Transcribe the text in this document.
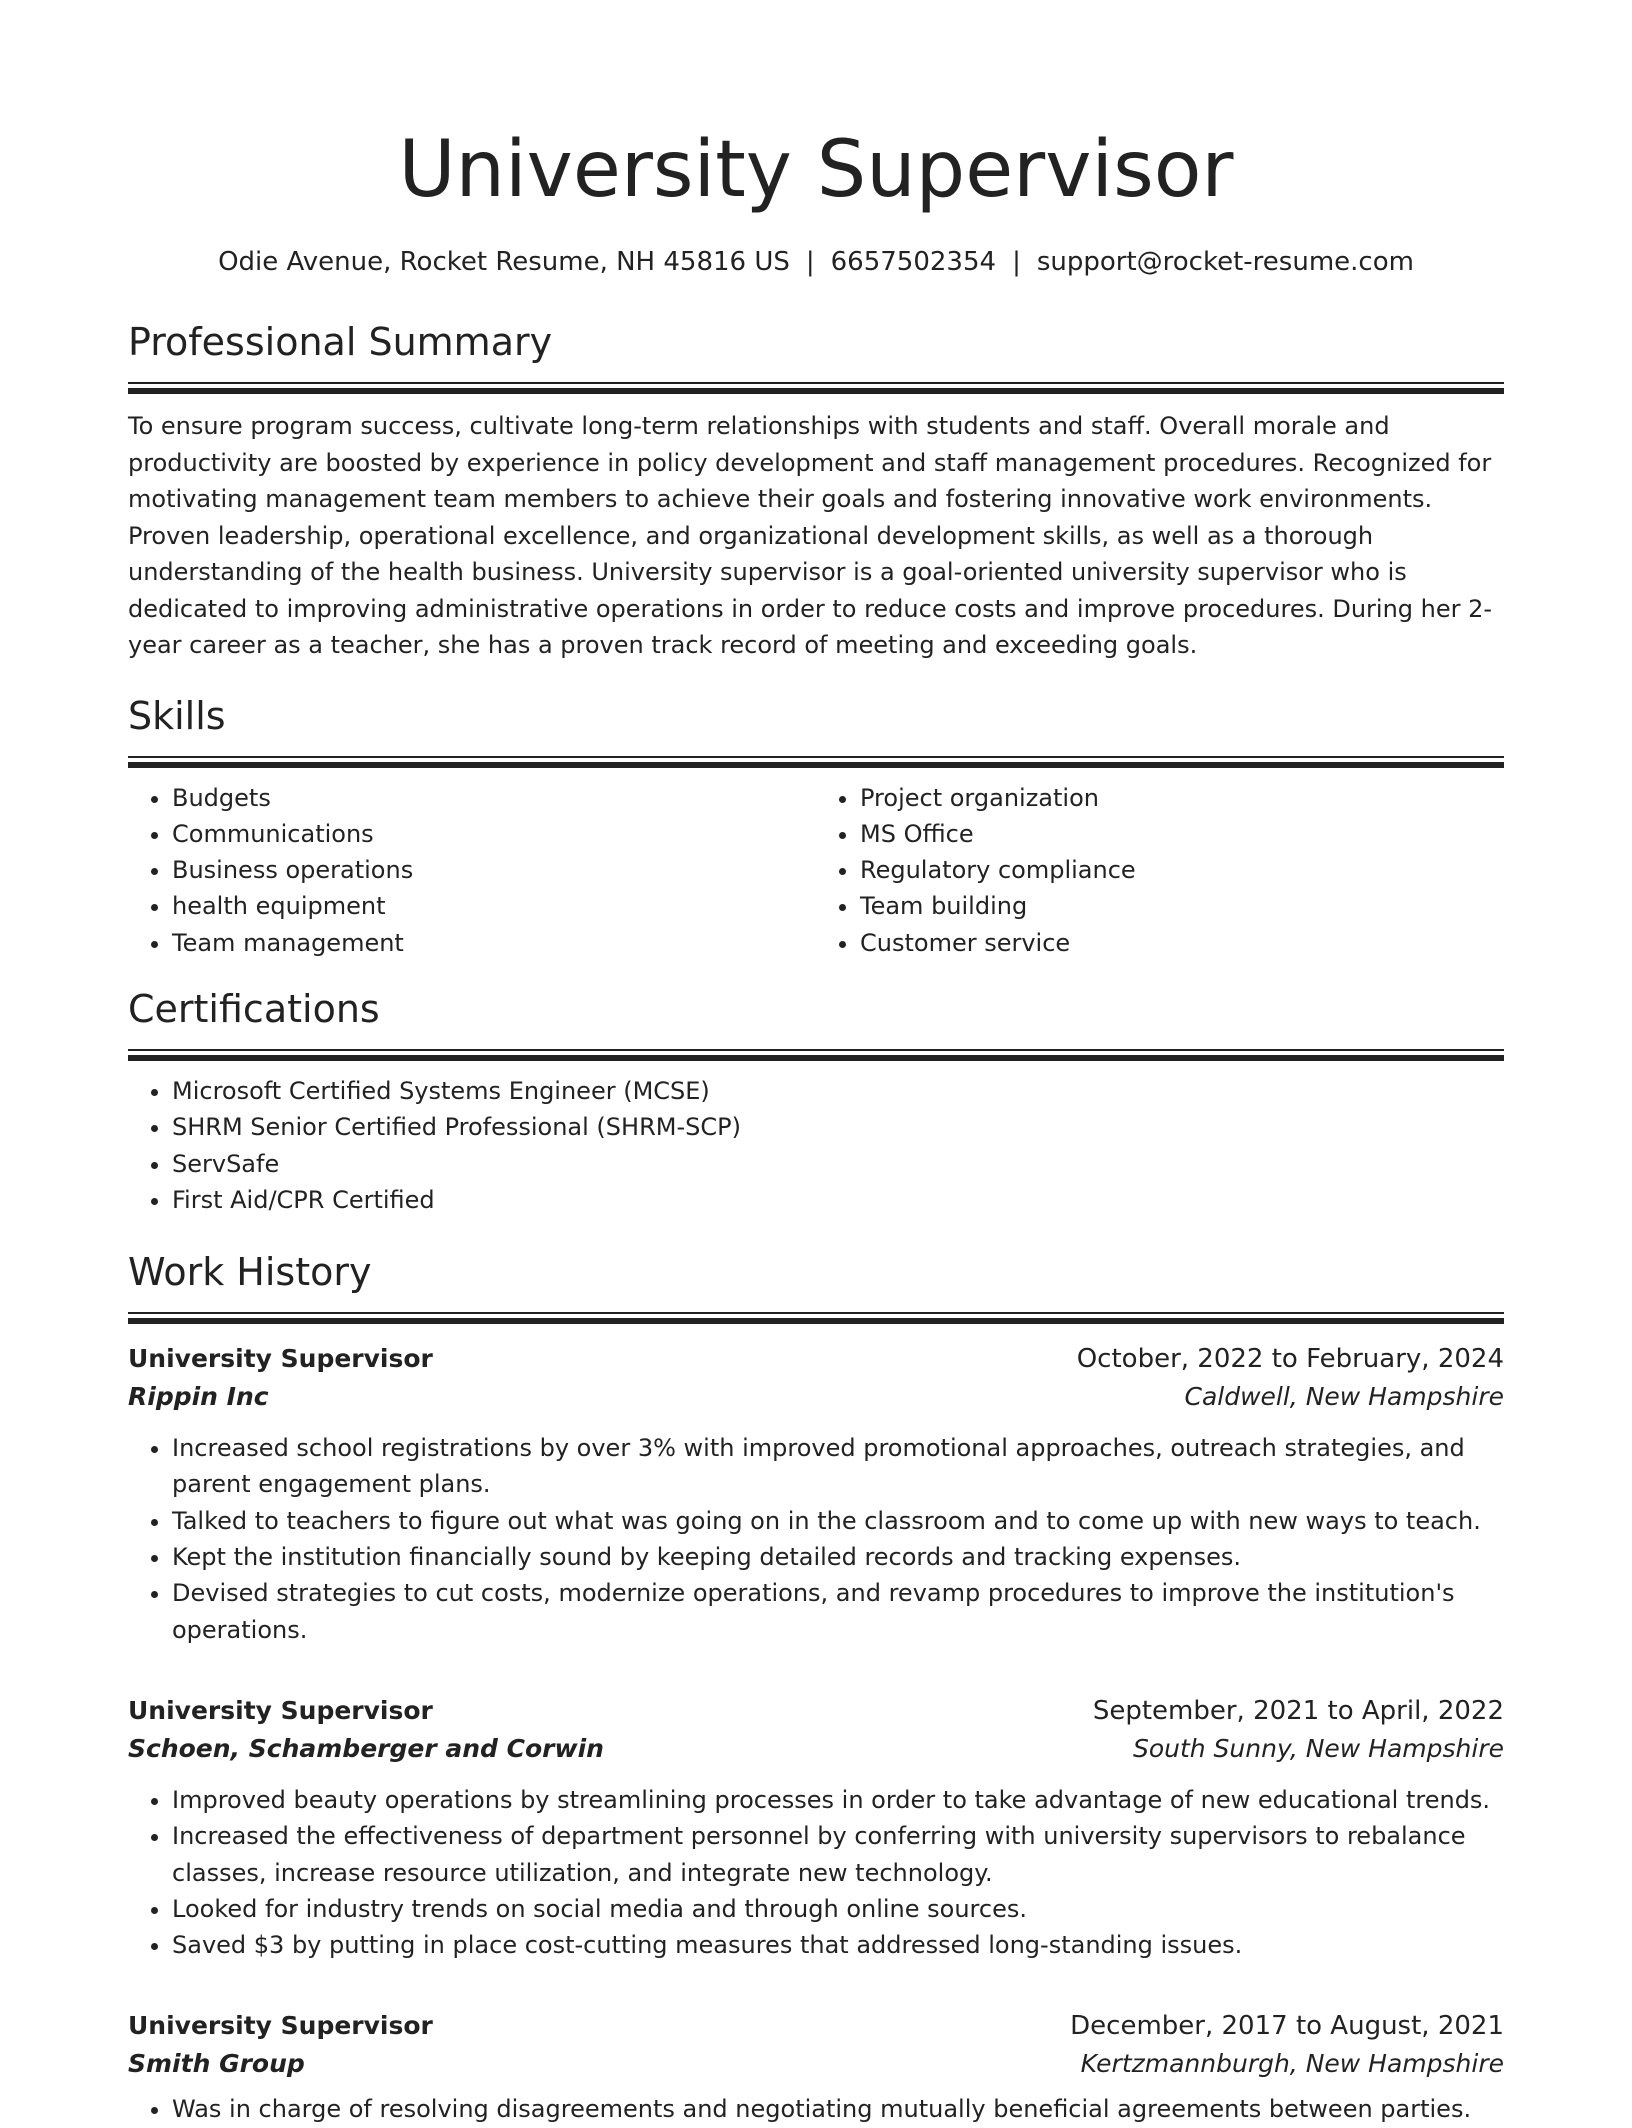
University Supervisor
Odie Avenue, Rocket Resume, NH 45816 US | 6657502354 | support@rocket-resume.com
Professional Summary

To ensure program success, cultivate long-term relationships with students and staff. Overall morale and productivity are boosted by experience in policy development and staff management procedures. Recognized for motivating management team members to achieve their goals and fostering innovative work environments. Proven leadership, operational excellence, and organizational development skills, as well as a thorough understanding of the health business. University supervisor is a goal-oriented university supervisor who is dedicated to improving administrative operations in order to reduce costs and improve procedures. During her 2-year career as a teacher, she has a proven track record of meeting and exceeding goals.

Skills
• Budgets
• Communications
• Business operations
• health equipment
• Team management
• Project organization
• MS Office
• Regulatory compliance
• Team building
• Customer service
Certifications
• Microsoft Certified Systems Engineer (MCSE)
• SHRM Senior Certified Professional (SHRM-SCP)
• ServSafe
• First Aid/CPR Certified
Work History
University Supervisor	October, 2022 to February, 2024
Rippin Inc	Caldwell, New Hampshire
• Increased school registrations by over 3% with improved promotional approaches, outreach strategies, and parent engagement plans.
• Talked to teachers to figure out what was going on in the classroom and to come up with new ways to teach.
• Kept the institution financially sound by keeping detailed records and tracking expenses.
• Devised strategies to cut costs, modernize operations, and revamp procedures to improve the institution's operations.
University Supervisor	September, 2021 to April, 2022
Schoen, Schamberger and Corwin	South Sunny, New Hampshire
• Improved beauty operations by streamlining processes in order to take advantage of new educational trends.
• Increased the effectiveness of department personnel by conferring with university supervisors to rebalance classes, increase resource utilization, and integrate new technology.
• Looked for industry trends on social media and through online sources.
• Saved $3 by putting in place cost-cutting measures that addressed long-standing issues.
University Supervisor	December, 2017 to August, 2021
Smith Group	Kertzmannburgh, New Hampshire
• Was in charge of resolving disagreements and negotiating mutually beneficial agreements between parties.
